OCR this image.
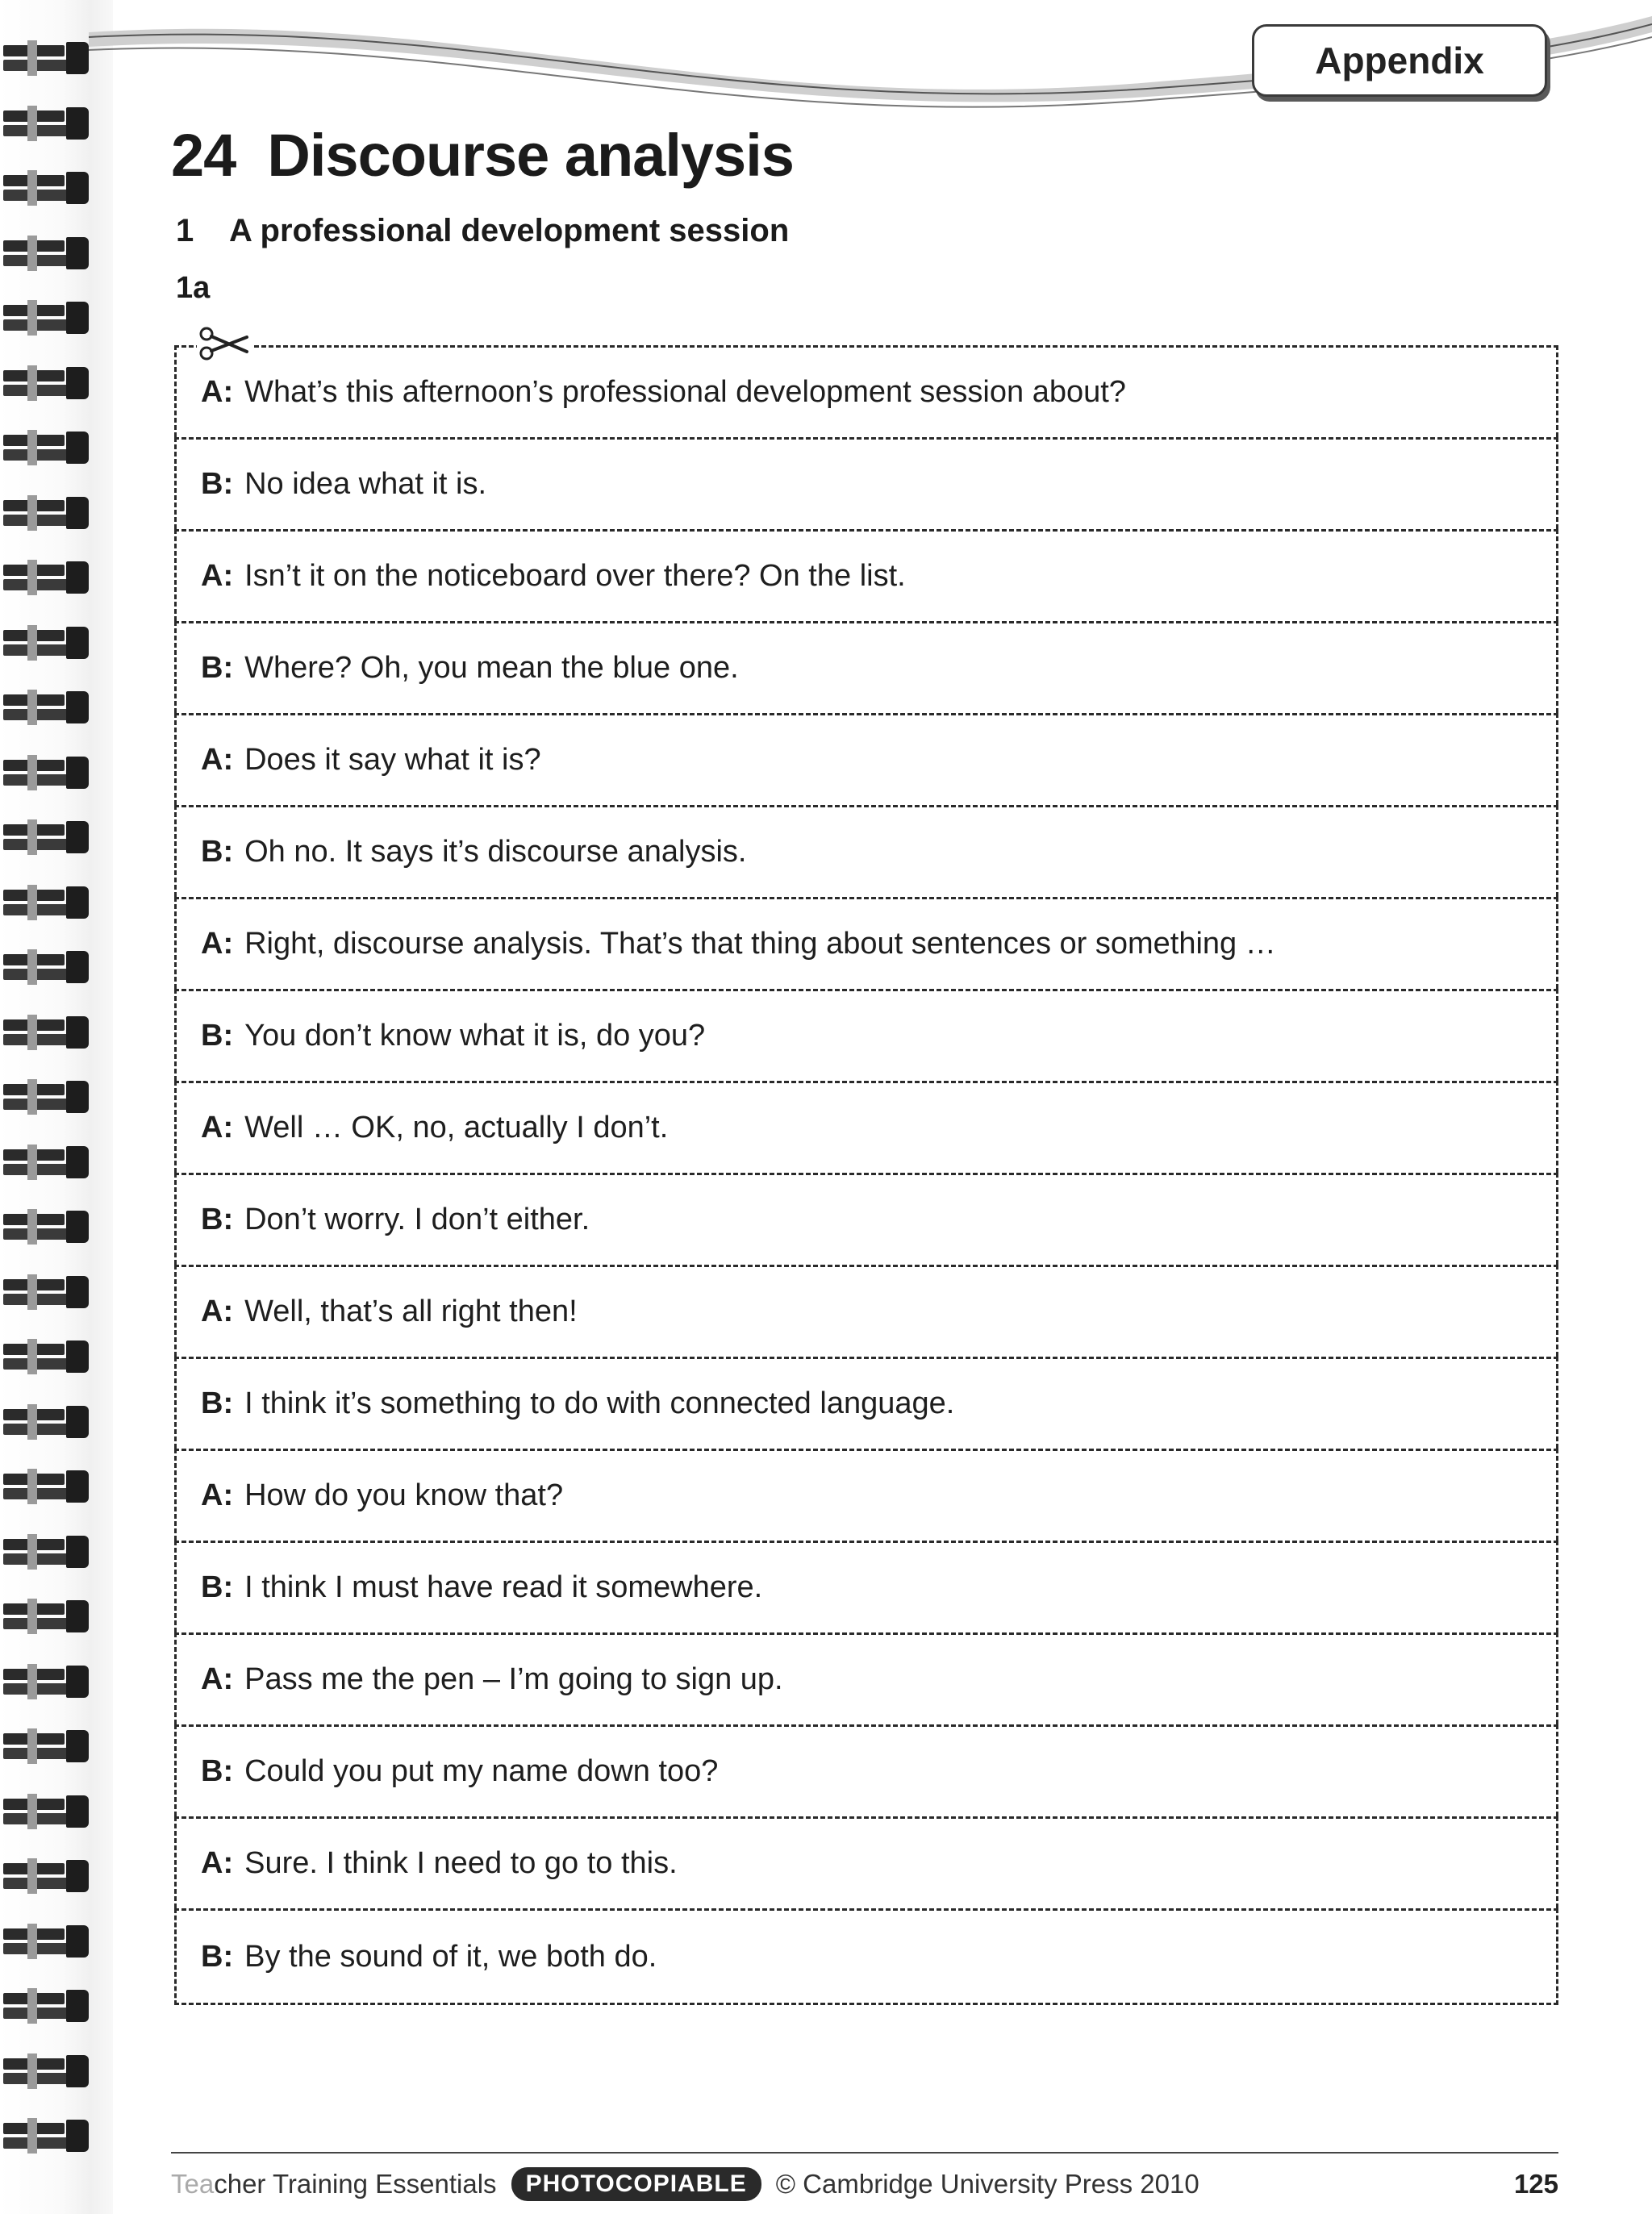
Appendix
24  Discourse analysis
1 A professional development session
1a
A: What’s this afternoon’s professional development session about?
B: No idea what it is.
A: Isn’t it on the noticeboard over there? On the list.
B: Where? Oh, you mean the blue one.
A: Does it say what it is?
B: Oh no. It says it’s discourse analysis.
A: Right, discourse analysis. That’s that thing about sentences or something …
B: You don’t know what it is, do you?
A: Well … OK, no, actually I don’t.
B: Don’t worry. I don’t either.
A: Well, that’s all right then!
B: I think it’s something to do with connected language.
A: How do you know that?
B: I think I must have read it somewhere.
A: Pass me the pen – I’m going to sign up.
B: Could you put my name down too?
A: Sure. I think I need to go to this.
B: By the sound of it, we both do.
Teacher Training Essentials	PHOTOCOPIABLE	© Cambridge University Press 2010	125
